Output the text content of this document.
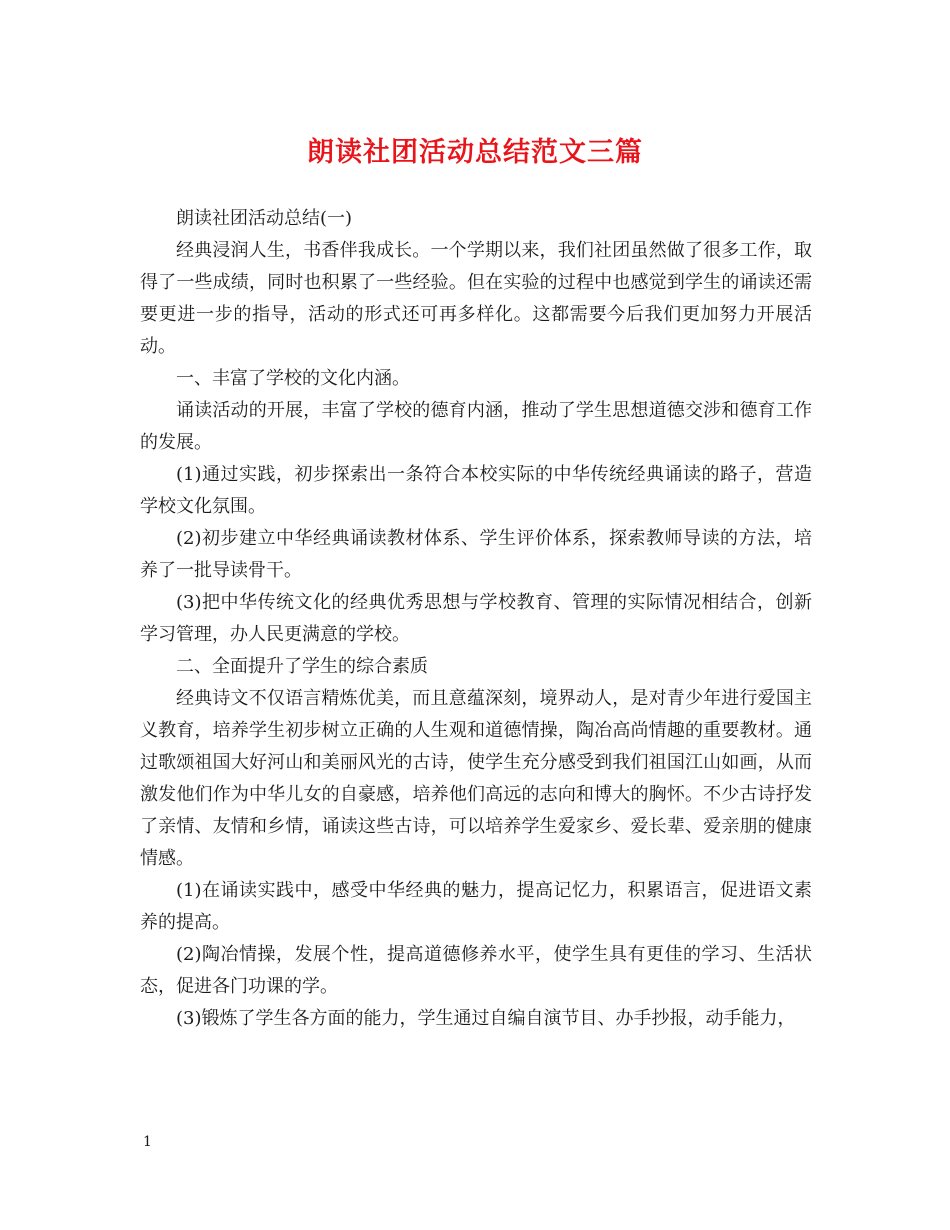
朗读社团活动总结范文三篇

朗读社团活动总结(一)

经典浸润人生，书香伴我成长。一个学期以来，我们社团虽然做了很多工作，取得了一些成绩，同时也积累了一些经验。但在实验的过程中也感觉到学生的诵读还需要更进一步的指导，活动的形式还可再多样化。这都需要今后我们更加努力开展活动。

一、丰富了学校的文化内涵。

诵读活动的开展，丰富了学校的德育内涵，推动了学生思想道德交涉和德育工作的发展。

(1)通过实践，初步探索出一条符合本校实际的中华传统经典诵读的路子，营造学校文化氛围。

(2)初步建立中华经典诵读教材体系、学生评价体系，探索教师导读的方法，培养了一批导读骨干。

(3)把中华传统文化的经典优秀思想与学校教育、管理的实际情况相结合，创新学习管理，办人民更满意的学校。

二、全面提升了学生的综合素质

经典诗文不仅语言精炼优美，而且意蕴深刻，境界动人，是对青少年进行爱国主义教育，培养学生初步树立正确的人生观和道德情操，陶冶高尚情趣的重要教材。通过歌颂祖国大好河山和美丽风光的古诗，使学生充分感受到我们祖国江山如画，从而激发他们作为中华儿女的自豪感，培养他们高远的志向和博大的胸怀。不少古诗抒发了亲情、友情和乡情，诵读这些古诗，可以培养学生爱家乡、爱长辈、爱亲朋的健康情感。

(1)在诵读实践中，感受中华经典的魅力，提高记忆力，积累语言，促进语文素养的提高。

(2)陶冶情操，发展个性，提高道德修养水平，使学生具有更佳的学习、生活状态，促进各门功课的学。

(3)锻炼了学生各方面的能力，学生通过自编自演节目、办手抄报，动手能力，

1
